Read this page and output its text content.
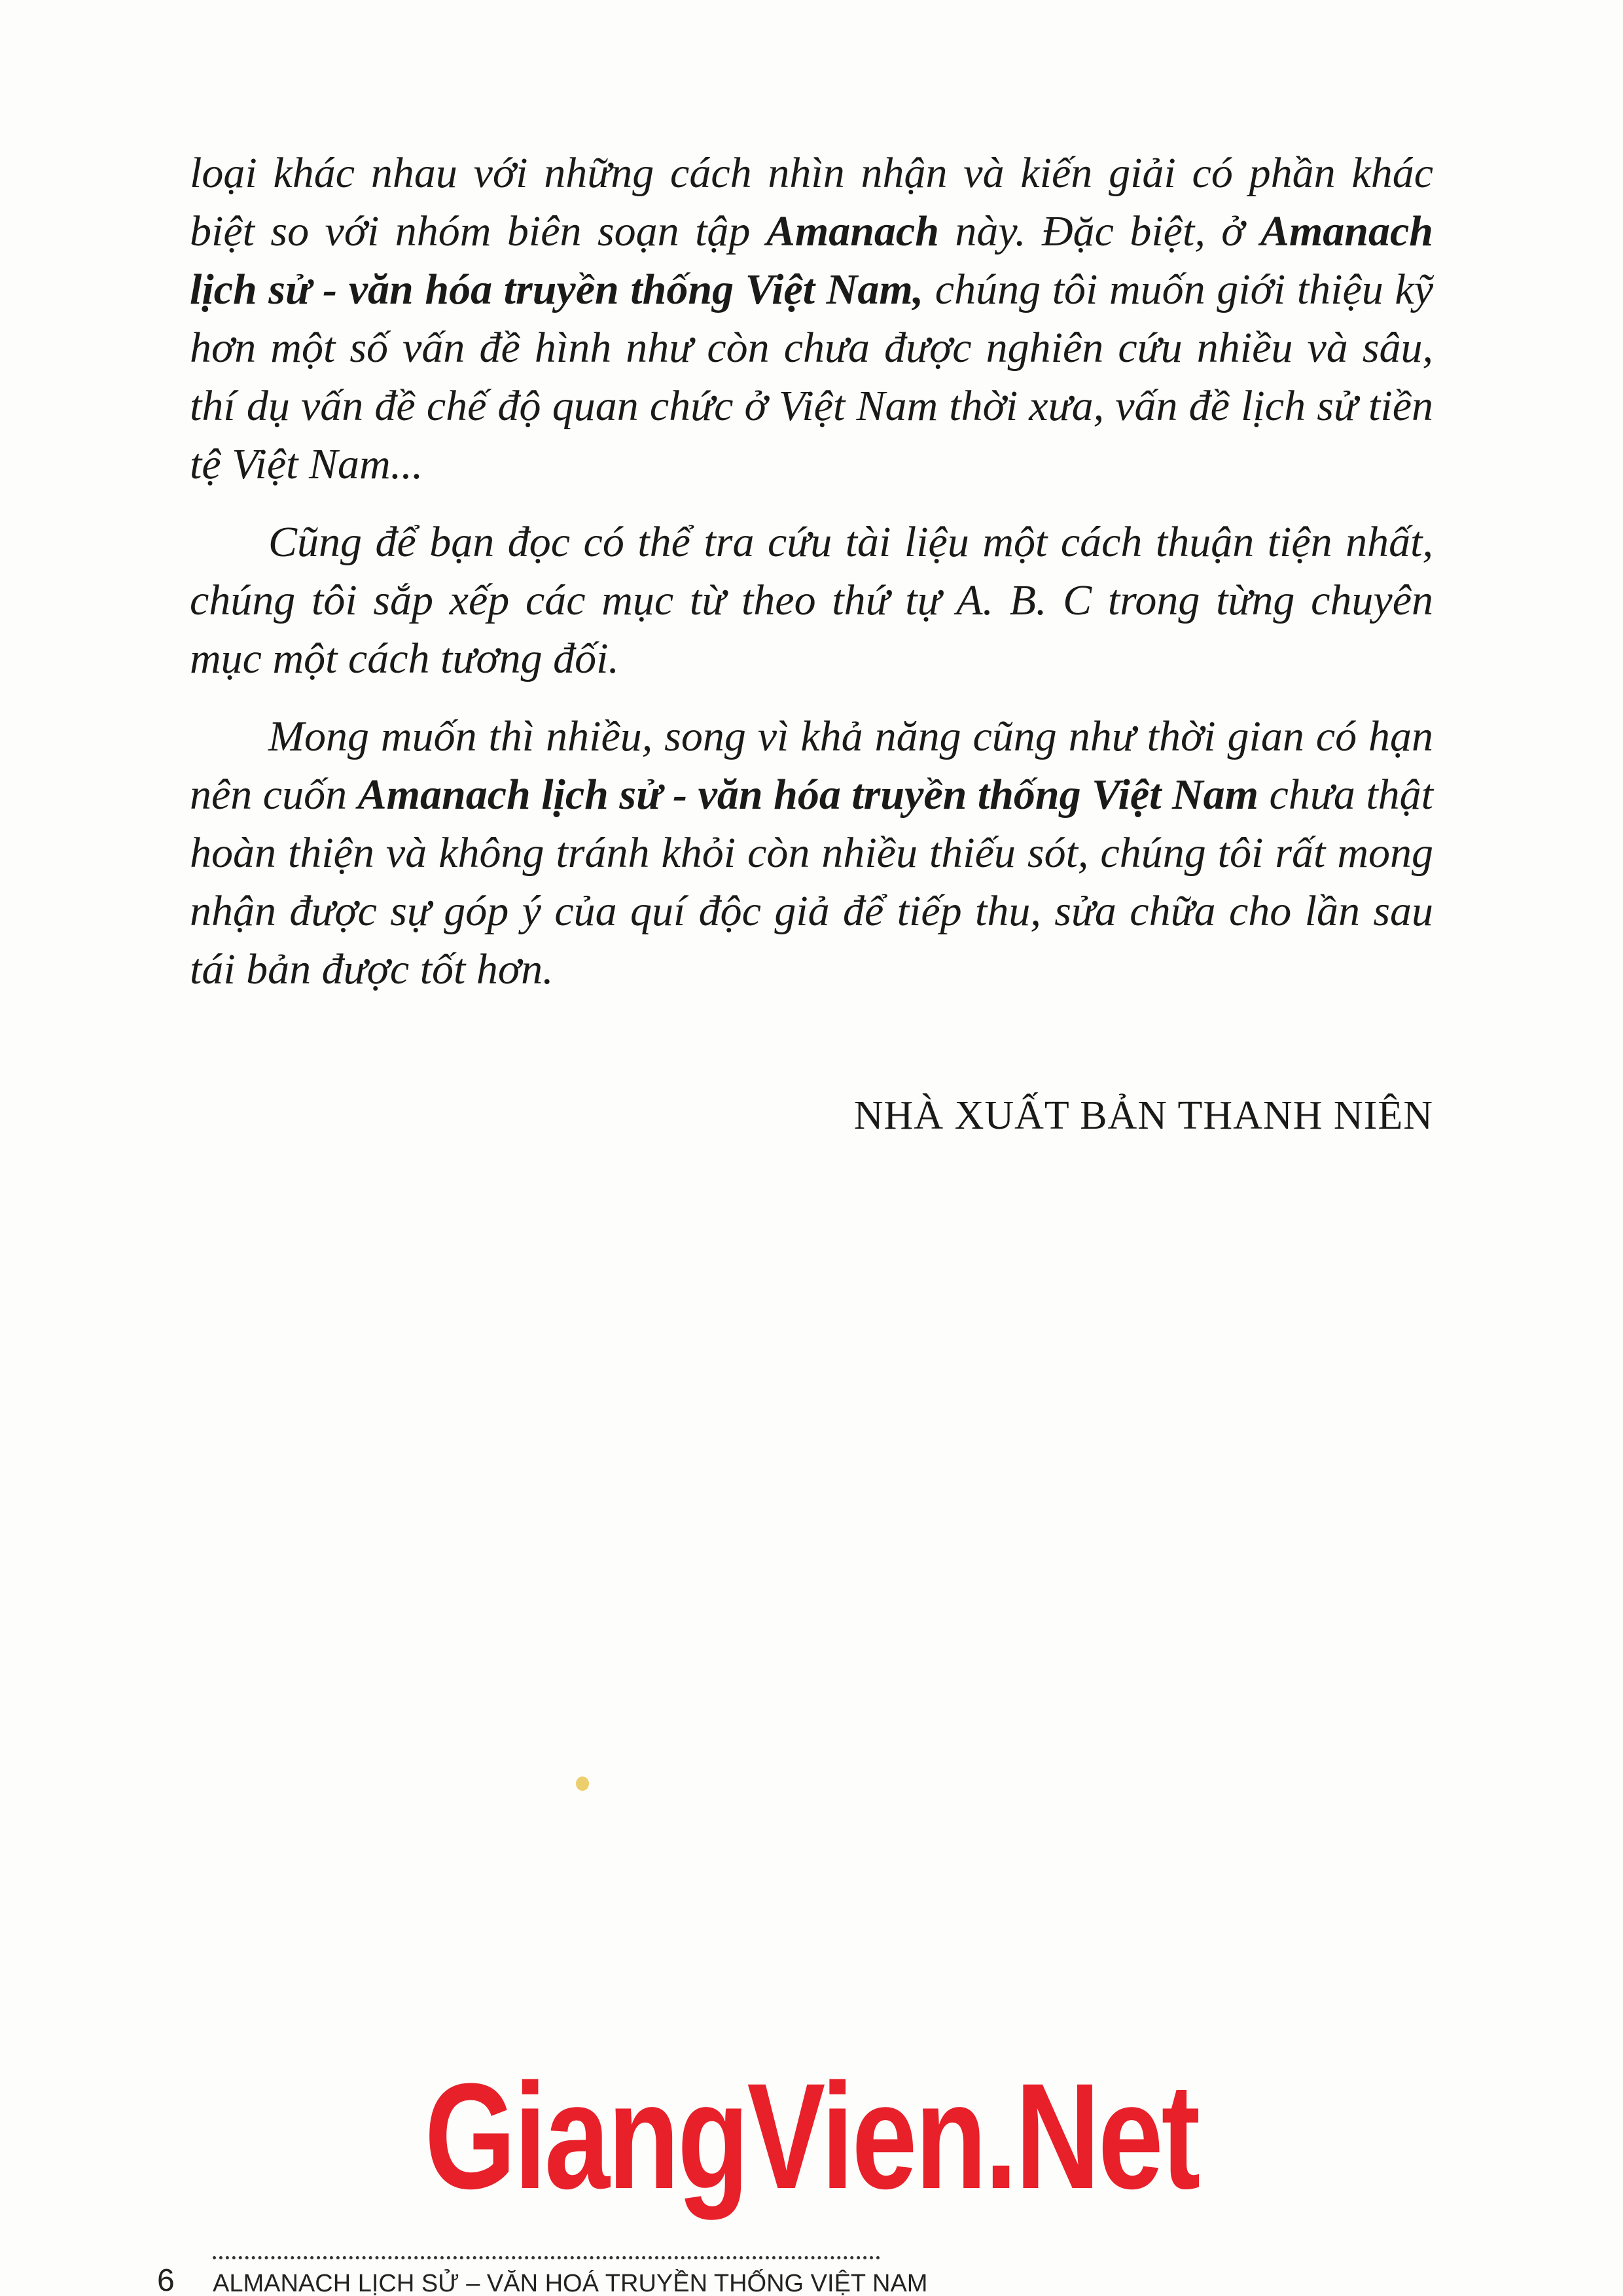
loại khác nhau với những cách nhìn nhận và kiến giải có phần khác biệt so với nhóm biên soạn tập Amanach này. Đặc biệt, ở Amanach lịch sử - văn hóa truyền thống Việt Nam, chúng tôi muốn giới thiệu kỹ hơn một số vấn đề hình như còn chưa được nghiên cứu nhiều và sâu, thí dụ vấn đề chế độ quan chức ở Việt Nam thời xưa, vấn đề lịch sử tiền tệ Việt Nam...

Cũng để bạn đọc có thể tra cứu tài liệu một cách thuận tiện nhất, chúng tôi sắp xếp các mục từ theo thứ tự A. B. C trong từng chuyên mục một cách tương đối.

Mong muốn thì nhiều, song vì khả năng cũng như thời gian có hạn nên cuốn Amanach lịch sử - văn hóa truyền thống Việt Nam chưa thật hoàn thiện và không tránh khỏi còn nhiều thiếu sót, chúng tôi rất mong nhận được sự góp ý của quí độc giả để tiếp thu, sửa chữa cho lần sau tái bản được tốt hơn.

NHÀ XUẤT BẢN THANH NIÊN
GiangVien.Net
6 ALMANACH LỊCH SỬ – VĂN HOÁ TRUYỀN THỐNG VIỆT NAM
